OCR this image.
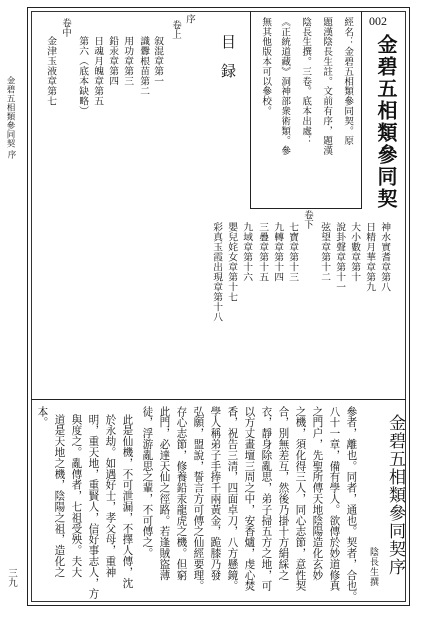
金碧五相類參同契
序
三九
002
金碧五相類參同契
經名：金碧五相類參同契。原
題漢陰長生註。文前有序，題漢
陰長生撰。三卷。底本出處：
《正統道藏》洞神部衆術類。參
無其他版本可以參校。
目録
序
卷上
叙混章第一
識釁根苗第二
用功章第三
鉛汞章第四
日魂月魄章第五
第六（底本缺略）
卷中
金津玉液章第七
神水實耆章第八
日精月華章第九
大小數章第十
說卦聲章第十一
弦望章第十二
卷下
七寶章第十三
九轉章第十四
三疊章第十五
九域章第十六
嬰兒姹女章第十七
彩真玉霞出現章第十八
金碧五相類參同契序
陰長生撰
參者，離也。同者，通也。契者，合也。
八十一章，備有學人。欲傳於妙道修真
之門户，先聖所傳天地陰陽造化玄妙
之機，須化得三人，同心志節，意性契
合，別無差互，然後乃掛十方絹綵之
衣，靜身除亂思，弟子掃五方之地，可
以方丈畫壇三周之中，安香爐，虔心焚
香，祝告三清，四面卓刀，八方懸鏡。
學人稱弟子手捧千兩黃金，跪膝乃發
弘願，盟說，誓言方可傳之仙經要理。
存心志節，修養鉛汞龍虎之機。但窮
此門，必達天仙之徑路。若逢賊盜薄
徒，浮游亂思之輩，不可傳之。
此是仙機，不可泄漏，不擇人傳，沈
於永劫。如遇好士，孝父母，重神
明，重天地，重賢人，信好事志人，方
與度之。亂傳者，七祖受殃。夫大
道是天地之機，陰陽之祖，造化之
本。
